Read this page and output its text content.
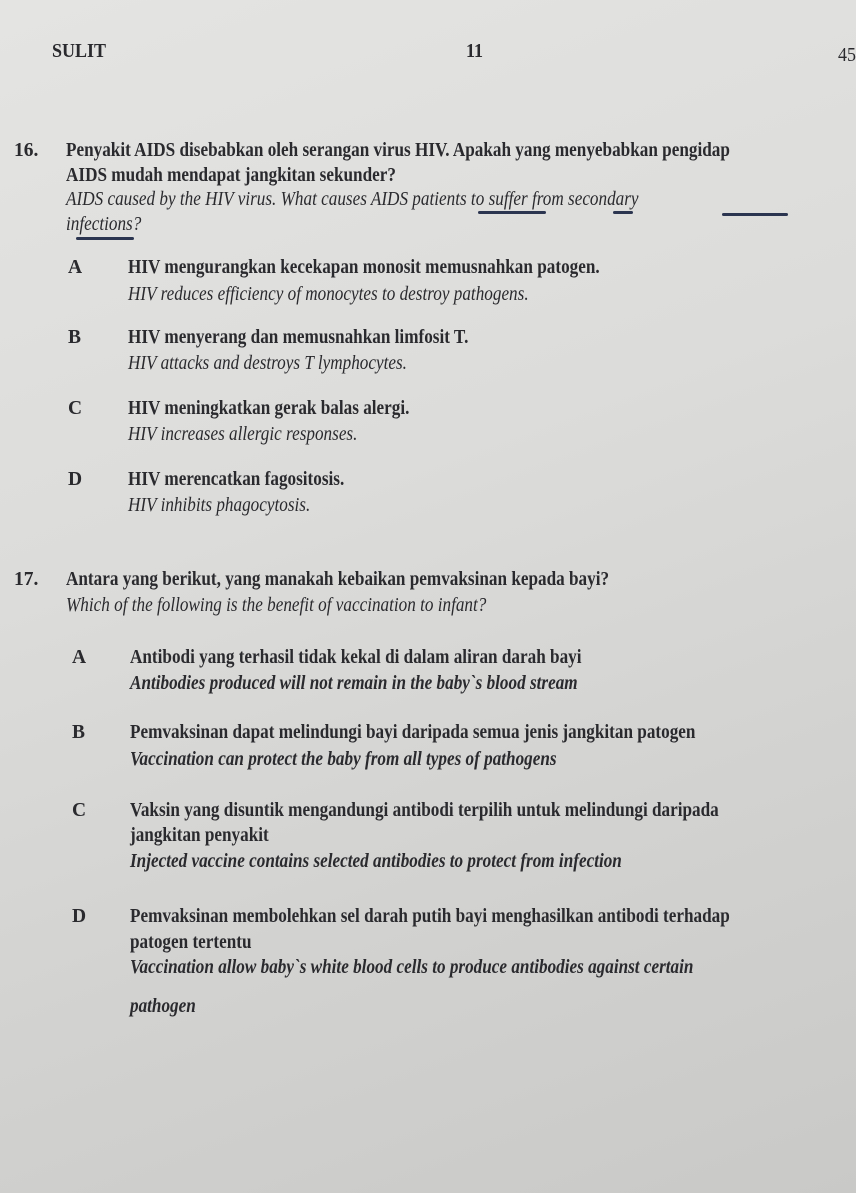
SULIT	11	45
16. Penyakit AIDS disebabkan oleh serangan virus HIV. Apakah yang menyebabkan pengidap
AIDS mudah mendapat jangkitan sekunder?
AIDS caused by the HIV virus. What causes AIDS patients to suffer from secondary
infections?
A HIV mengurangkan kecekapan monosit memusnahkan patogen.
HIV reduces efficiency of monocytes to destroy pathogens.
B HIV menyerang dan memusnahkan limfosit T.
HIV attacks and destroys T lymphocytes.
C HIV meningkatkan gerak balas alergi.
HIV increases allergic responses.
D HIV merencatkan fagositosis.
HIV inhibits phagocytosis.
17. Antara yang berikut, yang manakah kebaikan pemvaksinan kepada bayi?
Which of the following is the benefit of vaccination to infant?
A Antibodi yang terhasil tidak kekal di dalam aliran darah bayi
Antibodies produced will not remain in the baby`s blood stream
B Pemvaksinan dapat melindungi bayi daripada semua jenis jangkitan patogen
Vaccination can protect the baby from all types of pathogens
C Vaksin yang disuntik mengandungi antibodi terpilih untuk melindungi daripada
jangkitan penyakit
Injected vaccine contains selected antibodies to protect from infection
D Pemvaksinan membolehkan sel darah putih bayi menghasilkan antibodi terhadap
patogen tertentu
Vaccination allow baby`s white blood cells to produce antibodies against certain
pathogen
